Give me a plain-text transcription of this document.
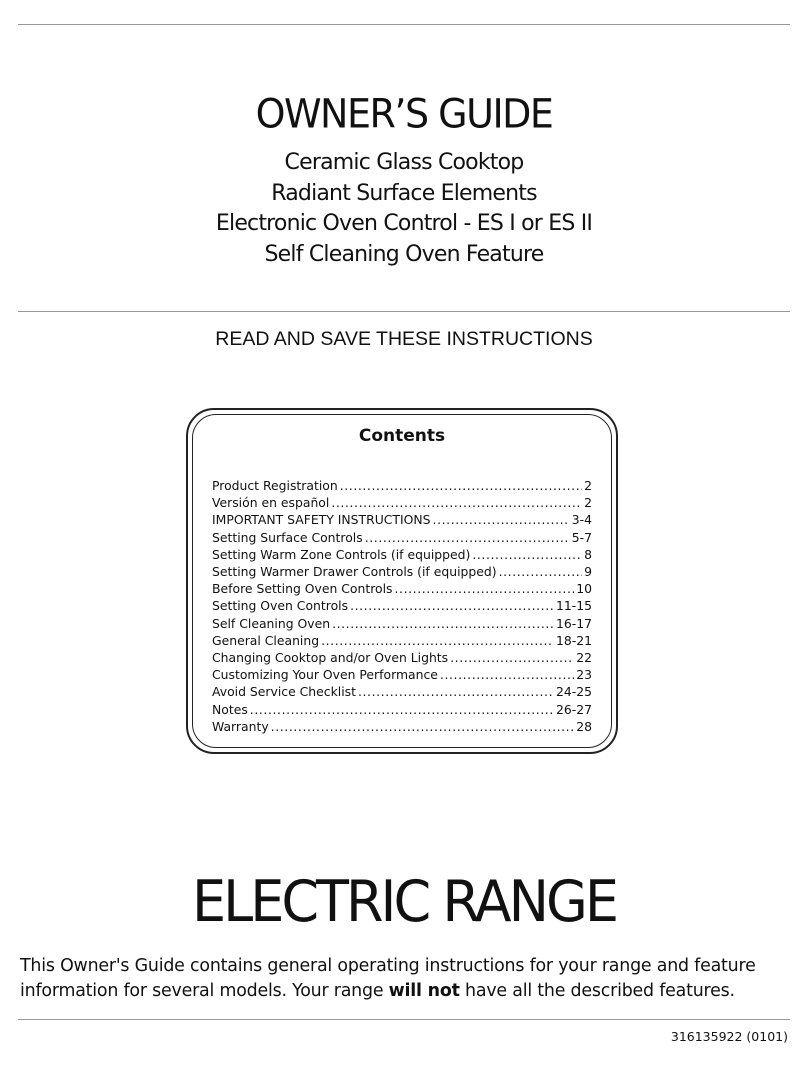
OWNER’S GUIDE
Ceramic Glass Cooktop
Radiant Surface Elements
Electronic Oven Control - ES I or ES II
Self Cleaning Oven Feature
READ AND SAVE THESE INSTRUCTIONS
Contents
Product Registration .....	2
Versión en español .....	2
IMPORTANT SAFETY INSTRUCTIONS .....	3-4
Setting Surface Controls .....	5-7
Setting Warm Zone Controls (if equipped) .....	8
Setting Warmer Drawer Controls (if equipped) .....	9
Before Setting Oven Controls .....	10
Setting Oven Controls .....	11-15
Self Cleaning Oven .....	16-17
General Cleaning .....	18-21
Changing Cooktop and/or Oven Lights .....	22
Customizing Your Oven Performance .....	23
Avoid Service Checklist .....	24-25
Notes .....	26-27
Warranty .....	28
ELECTRIC RANGE

This Owner's Guide contains general operating instructions for your range and feature information for several models. Your range will not have all the described features.

316135922 (0101)
